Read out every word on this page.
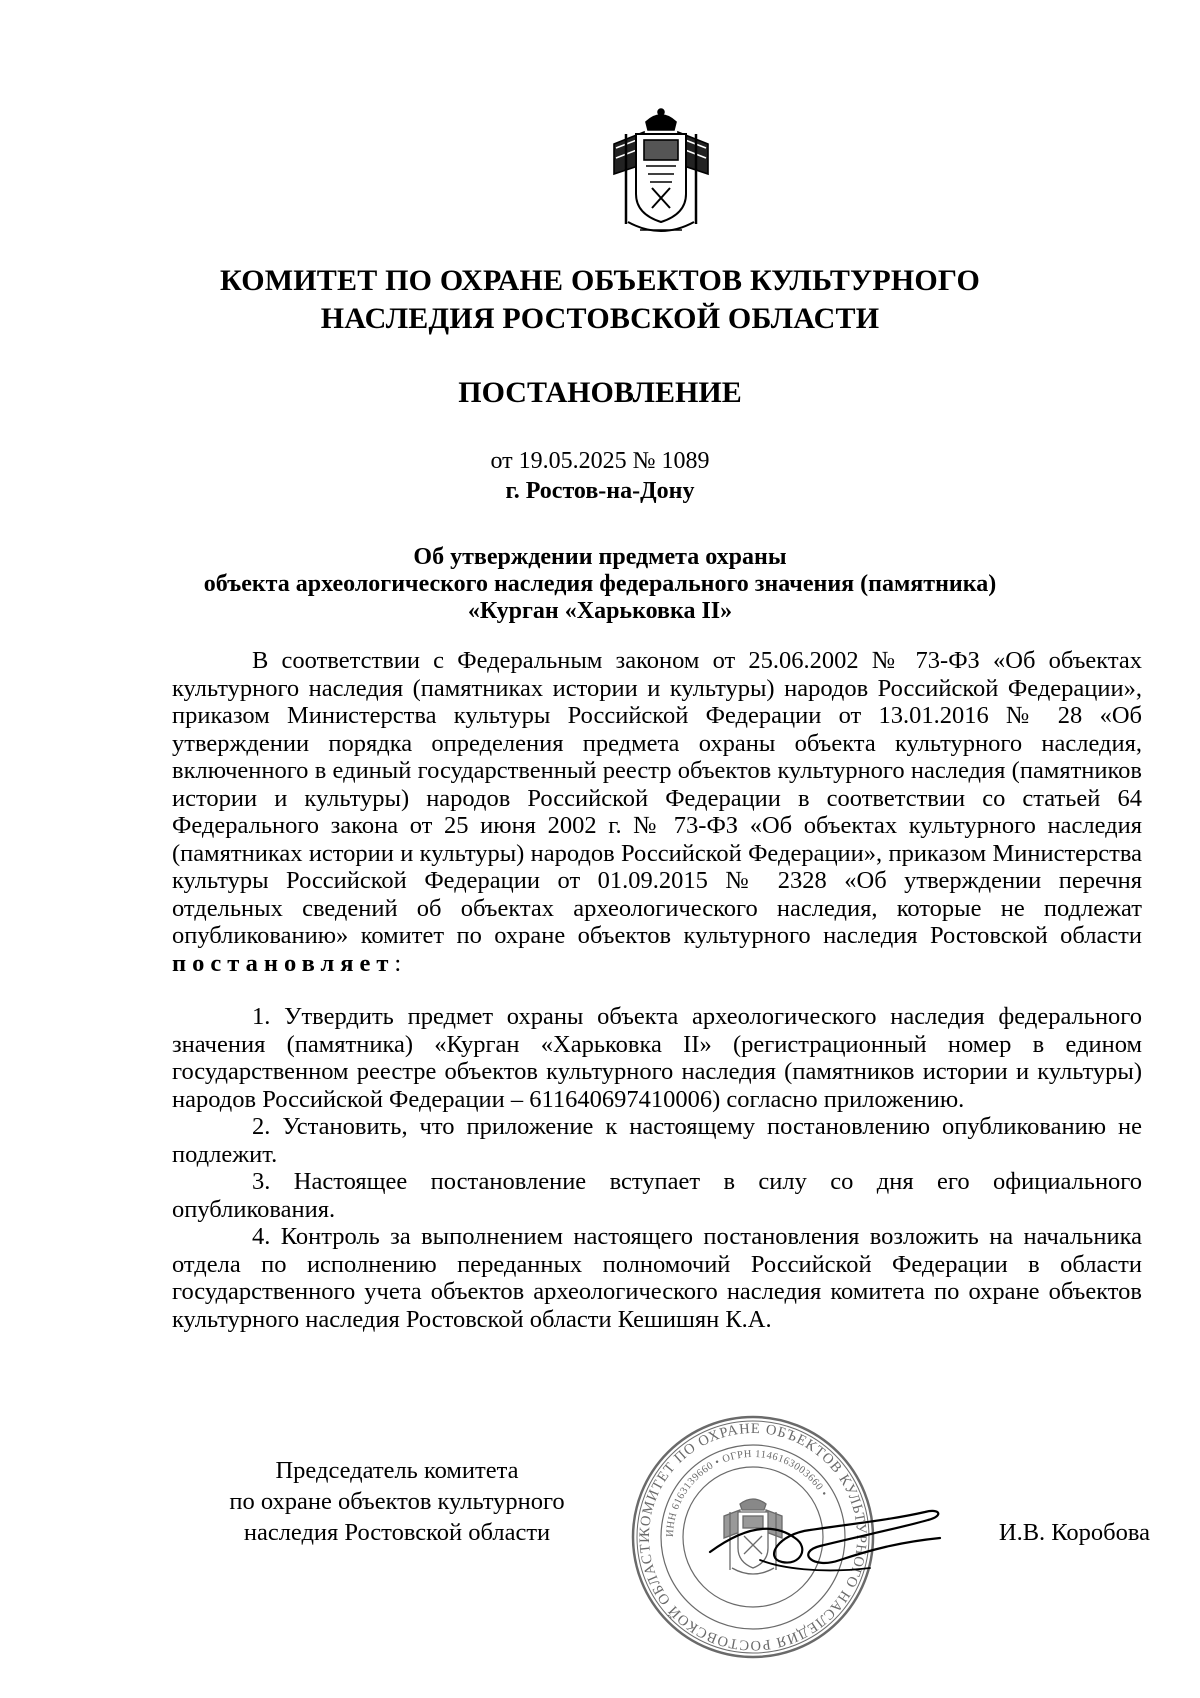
КОМИТЕТ ПО ОХРАНЕ ОБЪЕКТОВ КУЛЬТУРНОГО
НАСЛЕДИЯ РОСТОВСКОЙ ОБЛАСТИ
ПОСТАНОВЛЕНИЕ
от 19.05.2025 № 1089
г. Ростов-на-Дону
Об утверждении предмета охраны
объекта археологического наследия федерального значения (памятника)
«Курган «Харьковка II»

В соответствии с Федеральным законом от 25.06.2002 № 73-ФЗ «Об объектах культурного наследия (памятниках истории и культуры) народов Российской Федерации», приказом Министерства культуры Российской Федерации от 13.01.2016 № 28 «Об утверждении порядка определения предмета охраны объекта культурного наследия, включенного в единый государственный реестр объектов культурного наследия (памятников истории и культуры) народов Российской Федерации в соответствии со статьей 64 Федерального закона от 25 июня 2002 г. № 73-ФЗ «Об объектах культурного наследия (памятниках истории и культуры) народов Российской Федерации», приказом Министерства культуры Российской Федерации от 01.09.2015 № 2328 «Об утверждении перечня отдельных сведений об объектах археологического наследия, которые не подлежат опубликованию» комитет по охране объектов культурного наследия Ростовской области постановляет:

1. Утвердить предмет охраны объекта археологического наследия федерального значения (памятника) «Курган «Харьковка II» (регистрационный номер в едином государственном реестре объектов культурного наследия (памятников истории и культуры) народов Российской Федерации – 611640697410006) согласно приложению.

2. Установить, что приложение к настоящему постановлению опубликованию не подлежит.

3. Настоящее постановление вступает в силу со дня его официального опубликования.

4. Контроль за выполнением настоящего постановления возложить на начальника отдела по исполнению переданных полномочий Российской Федерации в области государственного учета объектов археологического наследия комитета по охране объектов культурного наследия Ростовской области Кешишян К.А.

Председатель комитета
по охране объектов культурного
наследия Ростовской области	КОМИТЕТ ПО ОХРАНЕ ОБЪЕКТОВ КУЛЬТУРНОГО НАСЛЕДИЯ РОСТОВСКОЙ ОБЛАСТИ	ИНН 6163139660 • ОГРН 1146163003660 •
И.В. Коробова
